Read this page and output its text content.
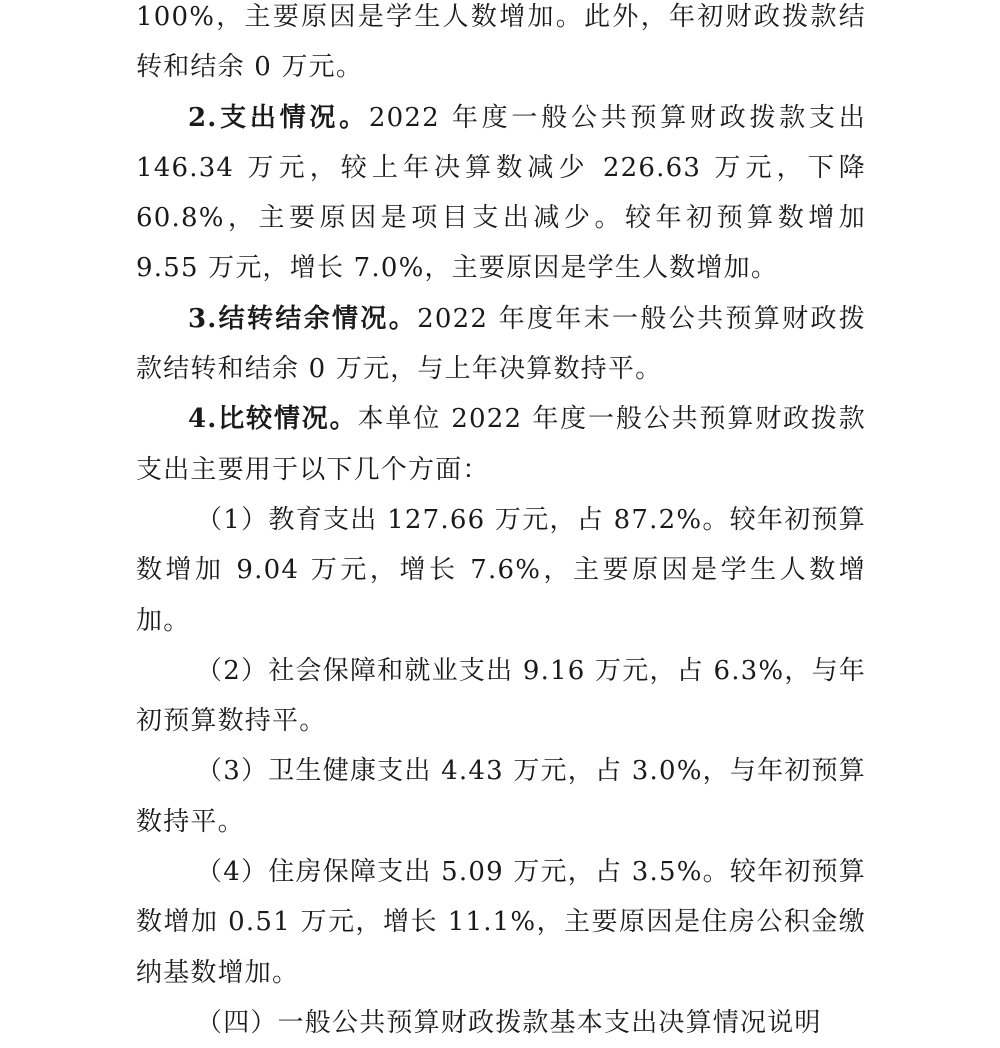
100%，主要原因是学生人数增加。此外，年初财政拨款结转和结余 0 万元。

2.支出情况。2022 年度一般公共预算财政拨款支出 146.34 万元，较上年决算数减少 226.63 万元，下降 60.8%，主要原因是项目支出减少。较年初预算数增加 9.55 万元，增长 7.0%，主要原因是学生人数增加。

3.结转结余情况。2022 年度年末一般公共预算财政拨款结转和结余 0 万元，与上年决算数持平。

4.比较情况。本单位 2022 年度一般公共预算财政拨款支出主要用于以下几个方面：

（1）教育支出 127.66 万元，占 87.2%。较年初预算数增加 9.04 万元，增长 7.6%，主要原因是学生人数增加。

（2）社会保障和就业支出 9.16 万元，占 6.3%，与年初预算数持平。

（3）卫生健康支出 4.43 万元，占 3.0%，与年初预算数持平。

（4）住房保障支出 5.09 万元，占 3.5%。较年初预算数增加 0.51 万元，增长 11.1%，主要原因是住房公积金缴纳基数增加。

（四）一般公共预算财政拨款基本支出决算情况说明
